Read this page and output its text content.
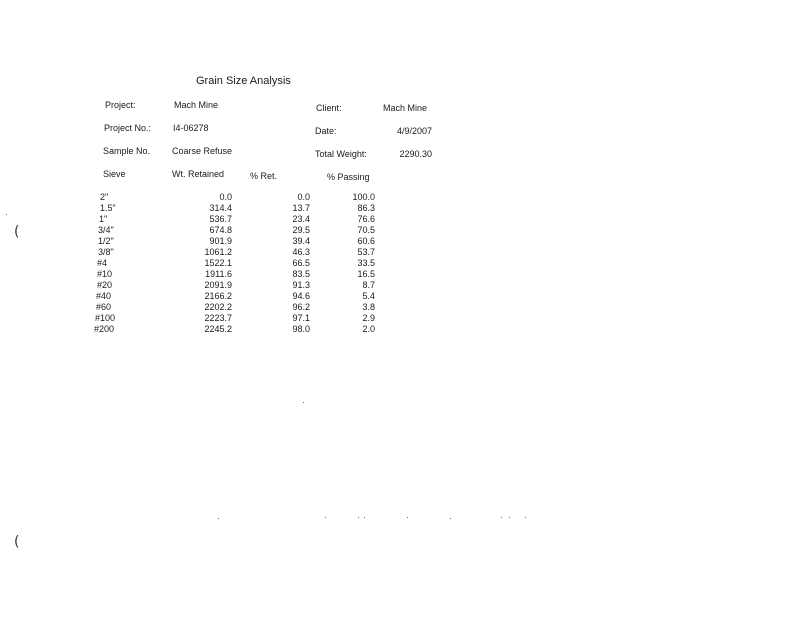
Grain Size Analysis
Project:	Mach Mine	Client:	Mach Mine
Project No.: I4-06278	Date:	4/9/2007
Sample No. Coarse Refuse	Total Weight:	2290.30
Sieve	Wt. Retained	% Ret.	% Passing
2"	0.0	0.0	100.0
1.5"	314.4	13.7	86.3
1"	536.7	23.4	76.6
3/4"	674.8	29.5	70.5
1/2"	901.9	39.4	60.6
3/8"	1061.2	46.3	53.7
#4	1522.1	66.5	33.5
#10	1911.6	83.5	16.5
#20	2091.9	91.3	8.7
#40	2166.2	94.6	5.4
#60	2202.2	96.2	3.8
#100	2223.7	97.1	2.9
#200	2245.2	98.0	2.0
(
(
